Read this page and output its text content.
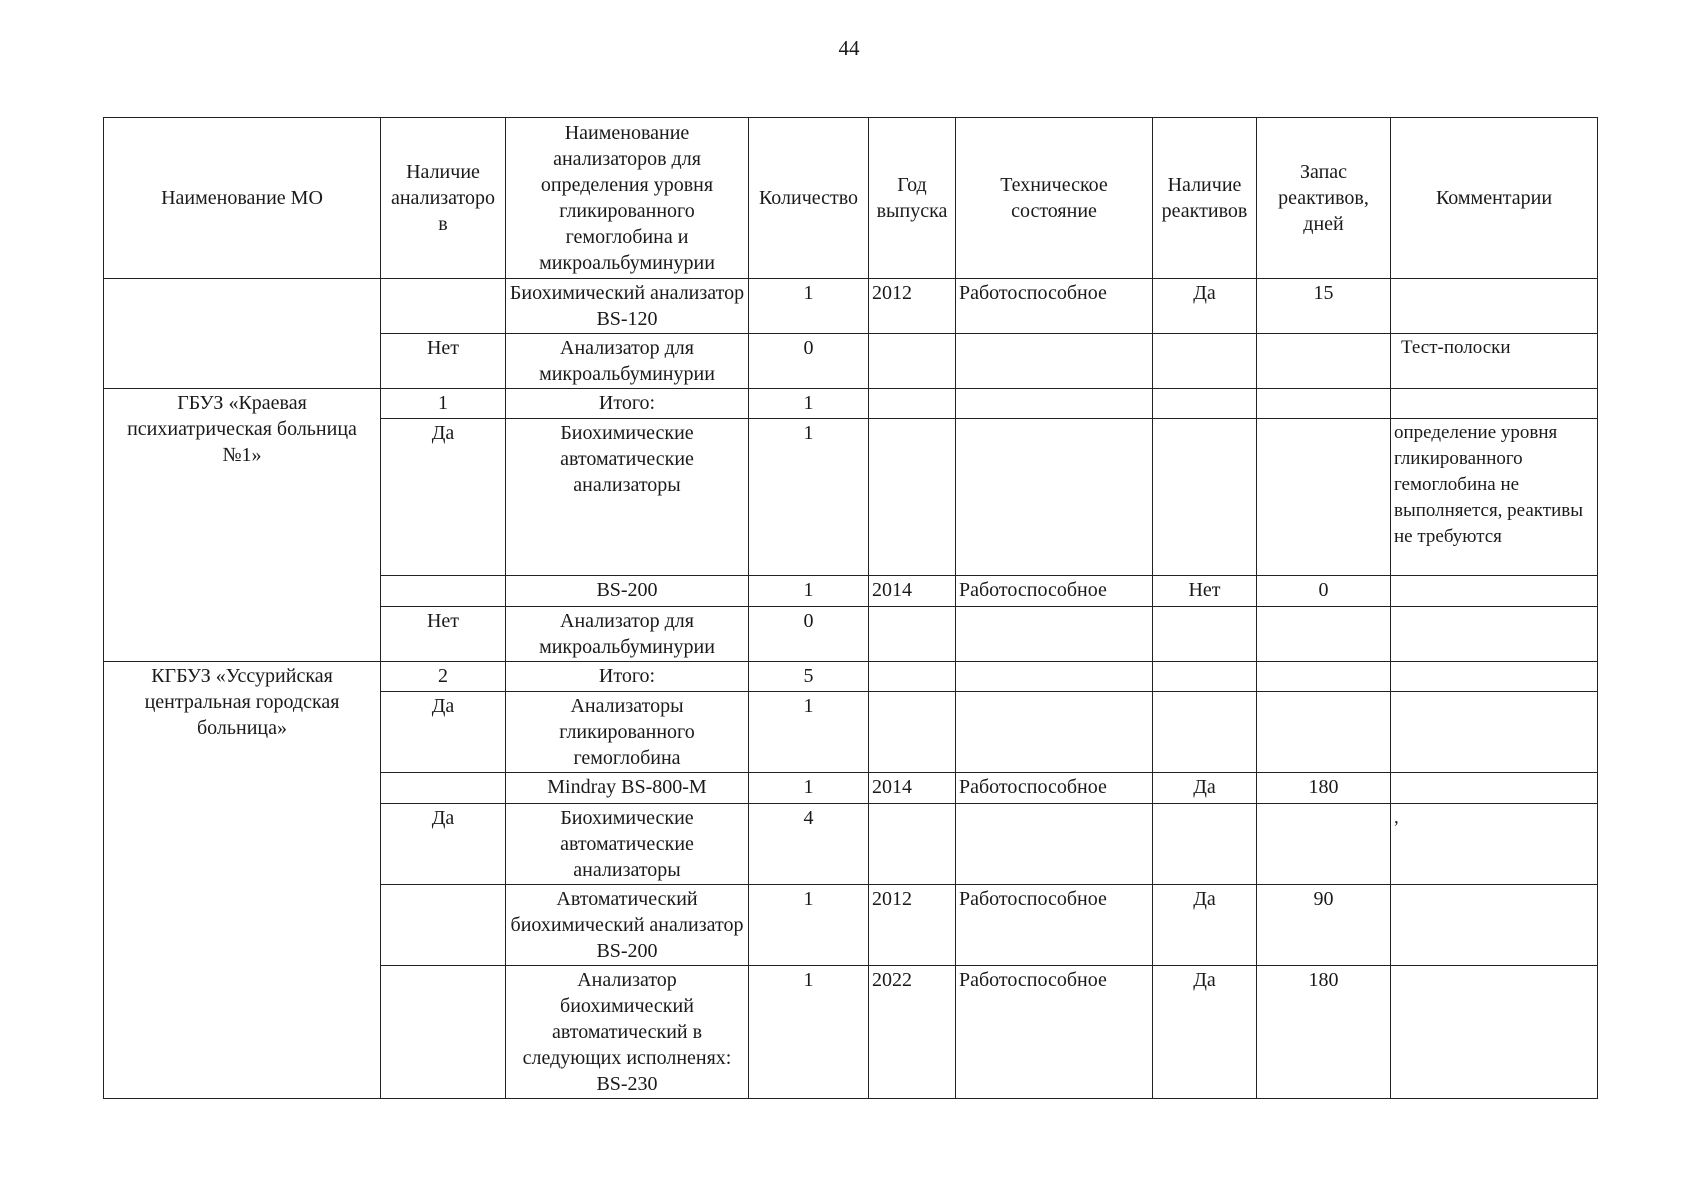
44
Наименование МО	Наличие анализаторо в	Наименование анализаторов для определения уровня гликированного гемоглобина и микроальбуминурии	Количество	Год выпуска	Техническое состояние	Наличие реактивов	Запас реактивов, дней	Комментарии
		Биохимический анализатор BS-120	1	2012	Работоспособное	Да	15	
	Нет	Анализатор для микроальбуминурии	0					Тест-полоски
ГБУЗ «Краевая психиатрическая больница №1»	1	Итого:	1					
	Да	Биохимические автоматические анализаторы	1					определение уровня гликированного гемоглобина не выполняется, реактивы не требуются
		BS-200	1	2014	Работоспособное	Нет	0	
	Нет	Анализатор для микроальбуминурии	0					
КГБУЗ «Уссурийская центральная городская больница»	2	Итого:	5					
	Да	Анализаторы гликированного гемоглобина	1					
		Mindray BS-800-M	1	2014	Работоспособное	Да	180	
	Да	Биохимические автоматические анализаторы	4					,
		Автоматический биохимический анализатор BS-200	1	2012	Работоспособное	Да	90	
		Анализатор биохимический автоматический в следующих исполненях: BS-230	1	2022	Работоспособное	Да	180	
